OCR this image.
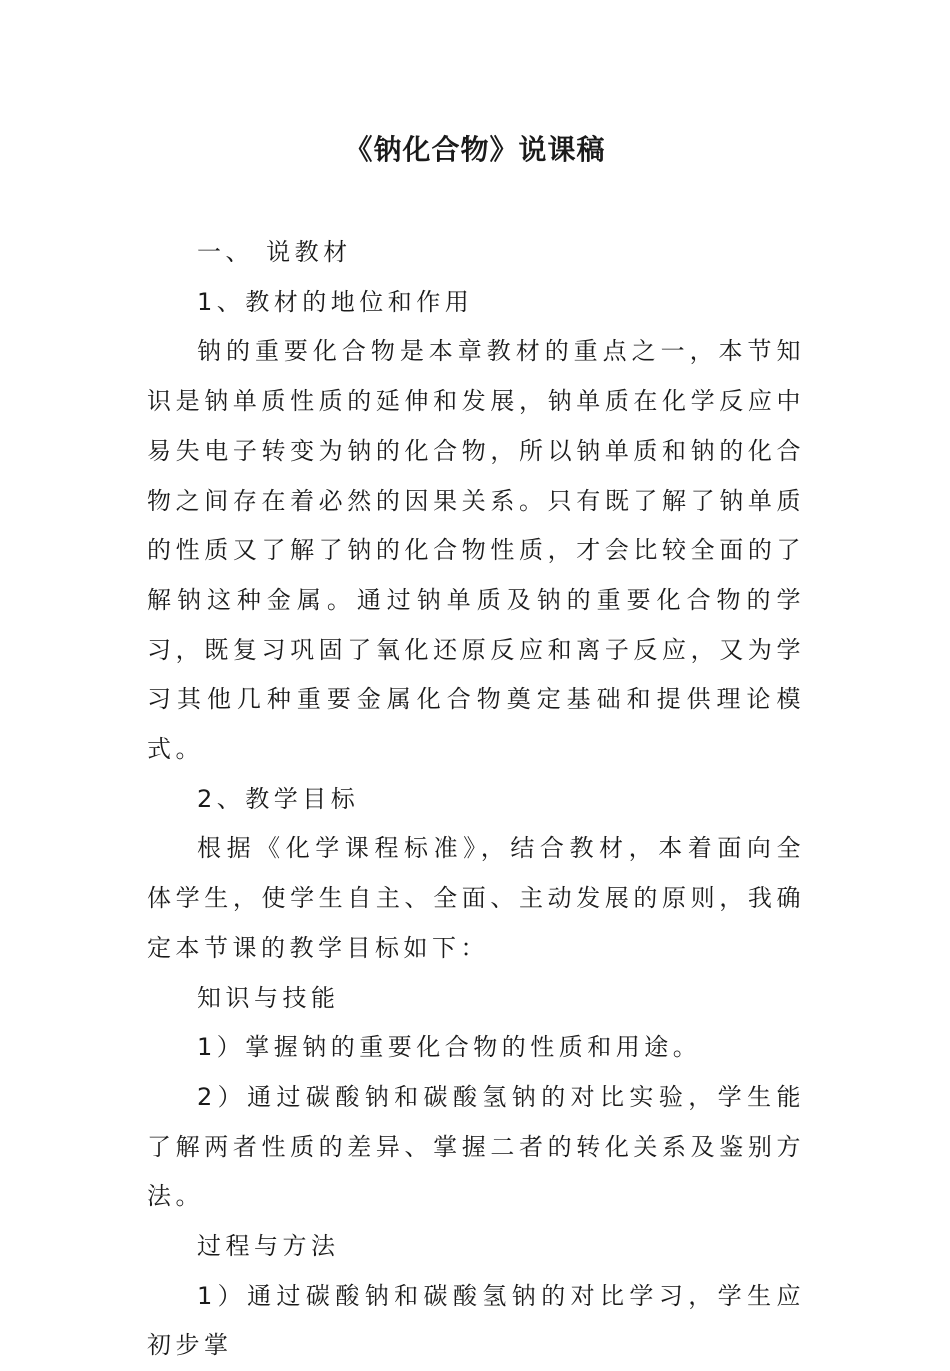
《钠化合物》说课稿

一、 说教材

1、教材的地位和作用

钠的重要化合物是本章教材的重点之一，本节知识是钠单质性质的延伸和发展，钠单质在化学反应中易失电子转变为钠的化合物，所以钠单质和钠的化合物之间存在着必然的因果关系。只有既了解了钠单质的性质又了解了钠的化合物性质，才会比较全面的了解钠这种金属。通过钠单质及钠的重要化合物的学习，既复习巩固了氧化还原反应和离子反应，又为学习其他几种重要金属化合物奠定基础和提供理论模式。

2、教学目标

根据《化学课程标准》，结合教材，本着面向全体学生，使学生自主、全面、主动发展的原则，我确定本节课的教学目标如下：

知识与技能

1）掌握钠的重要化合物的性质和用途。

2）通过碳酸钠和碳酸氢钠的对比实验，学生能了解两者性质的差异、掌握二者的转化关系及鉴别方法。

过程与方法

1）通过碳酸钠和碳酸氢钠的对比学习，学生应初步掌
